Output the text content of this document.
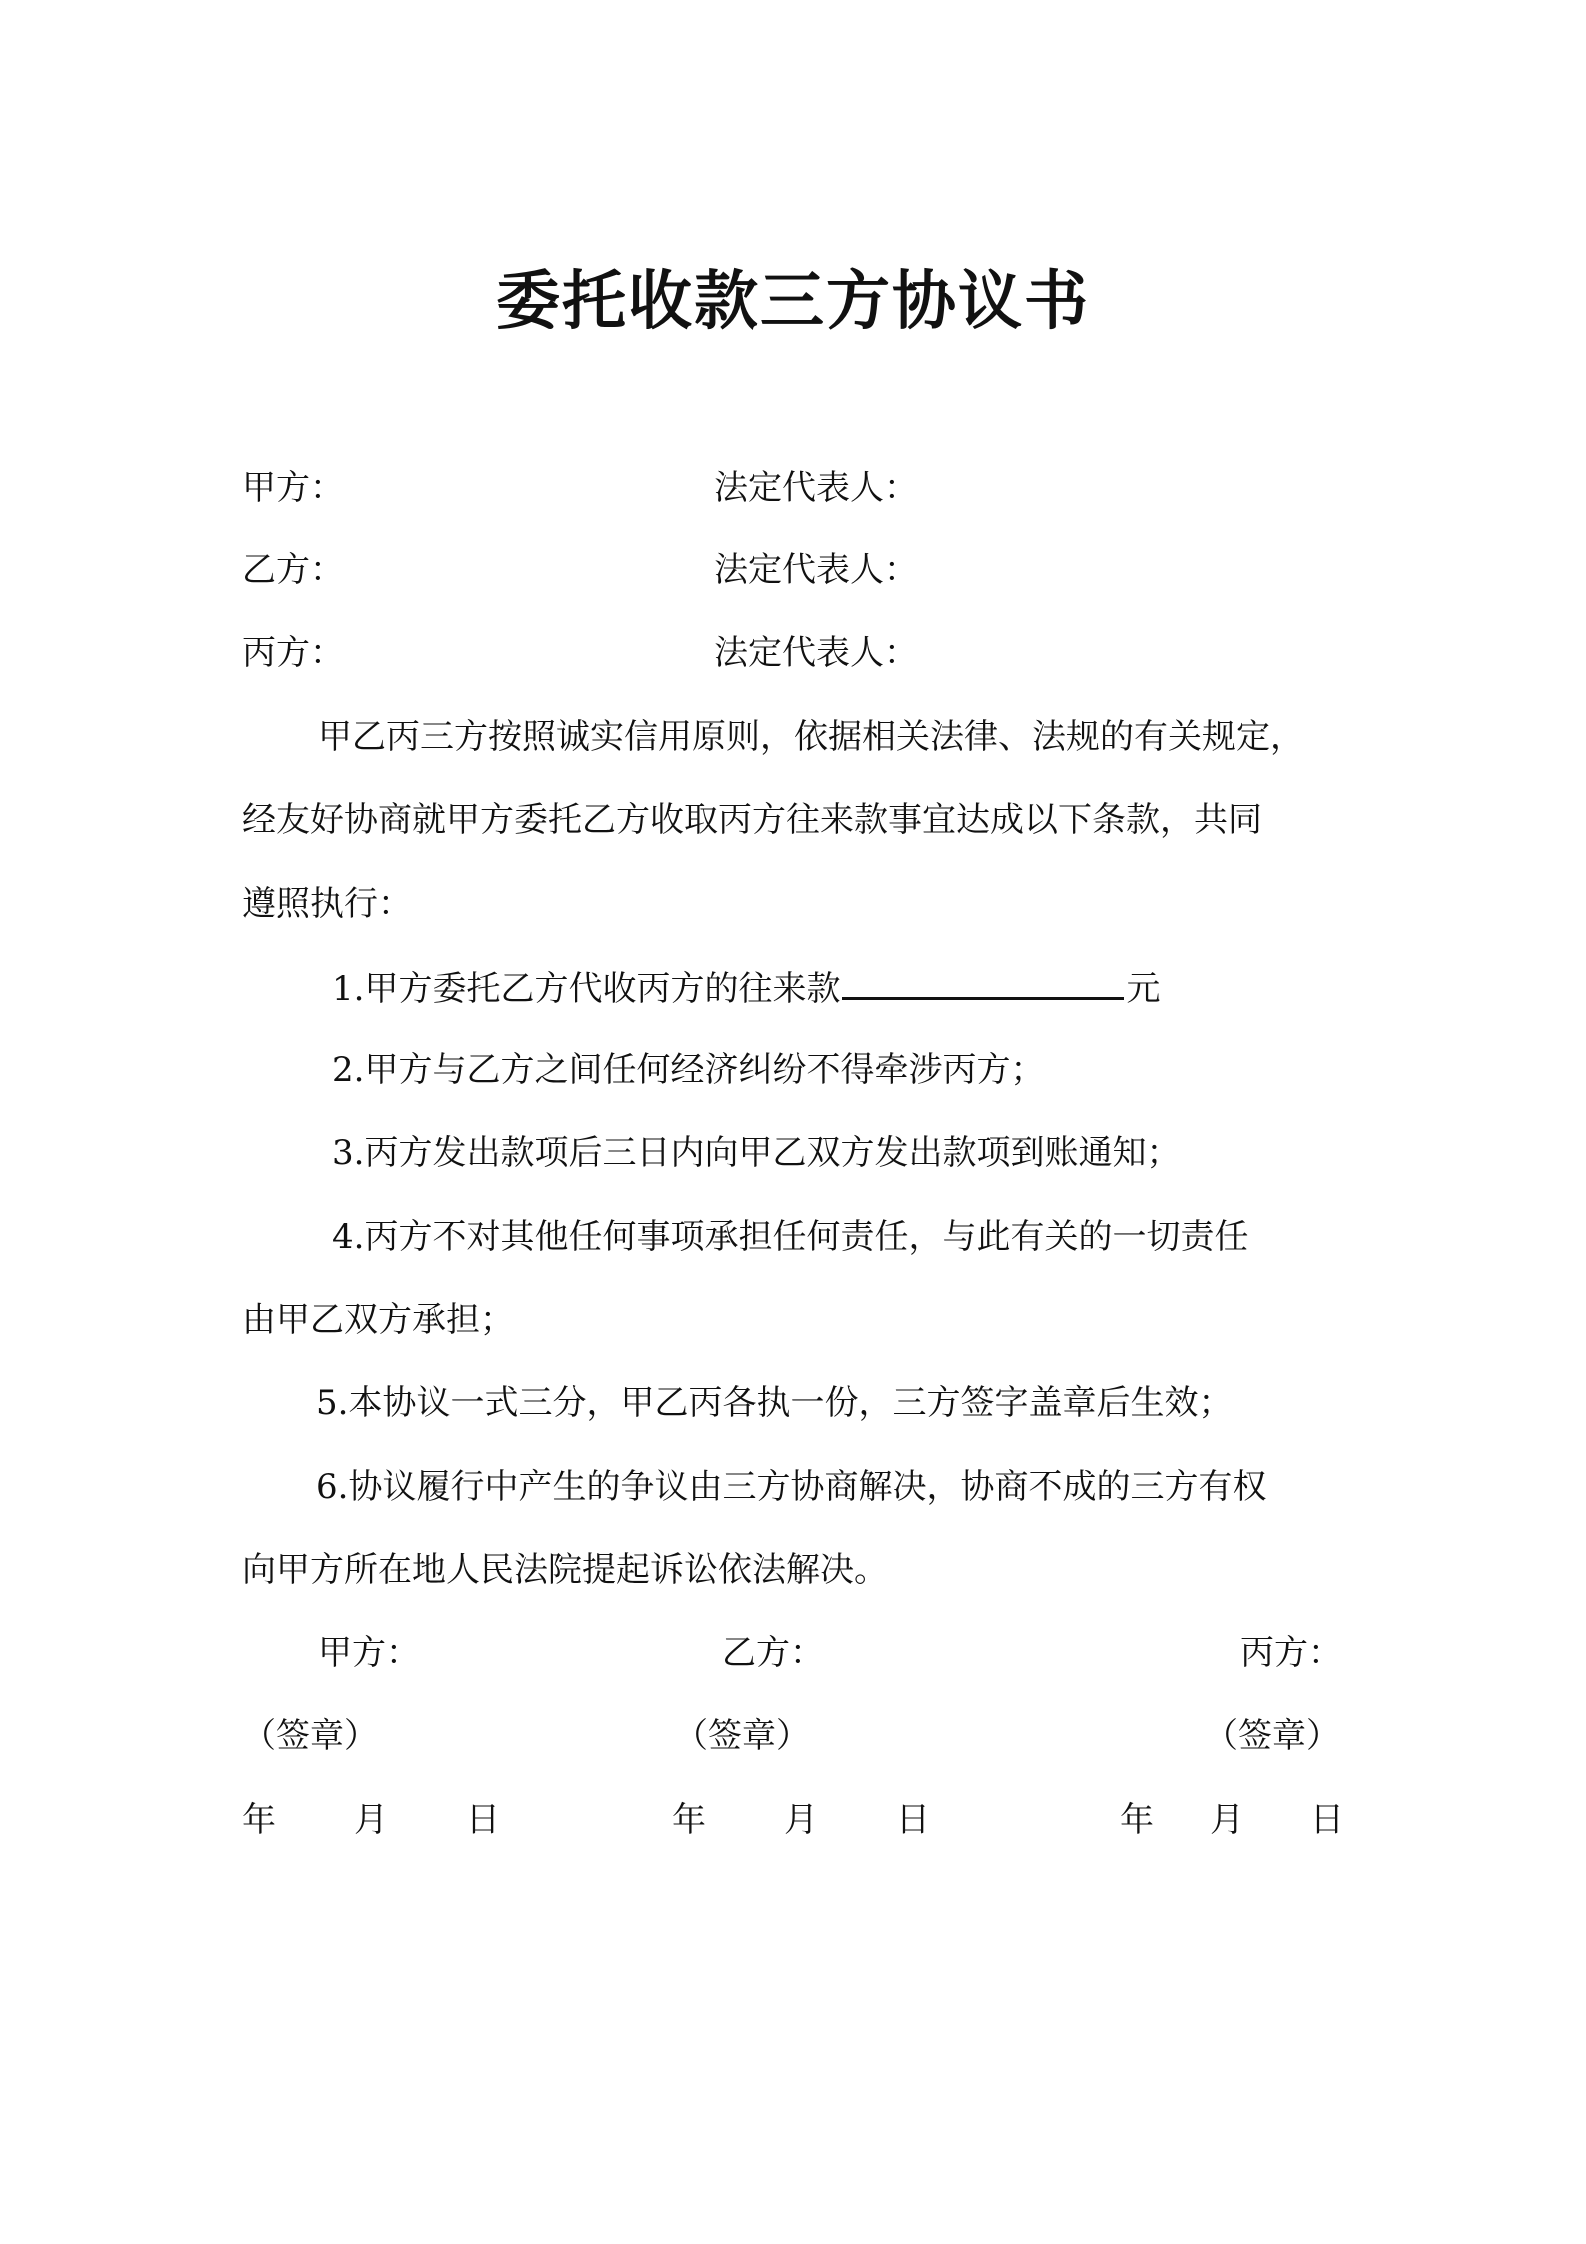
委托收款三方协议书
甲方：	法定代表人：
乙方：	法定代表人：
丙方：	法定代表人：
甲乙丙三方按照诚实信用原则，依据相关法律、法规的有关规定，
经友好协商就甲方委托乙方收取丙方往来款事宜达成以下条款，共同
遵照执行：
1.甲方委托乙方代收丙方的往来款	元
2.甲方与乙方之间任何经济纠纷不得牵涉丙方；
3.丙方发出款项后三日内向甲乙双方发出款项到账通知；
4.丙方不对其他任何事项承担任何责任，与此有关的一切责任
由甲乙双方承担；
5.本协议一式三分，甲乙丙各执一份，三方签字盖章后生效；
6.协议履行中产生的争议由三方协商解决，协商不成的三方有权
向甲方所在地人民法院提起诉讼依法解决。
甲方：	乙方：	丙方：
（签章）	（签章）	（签章）
年 月 日	年 月 日	年 月 日
